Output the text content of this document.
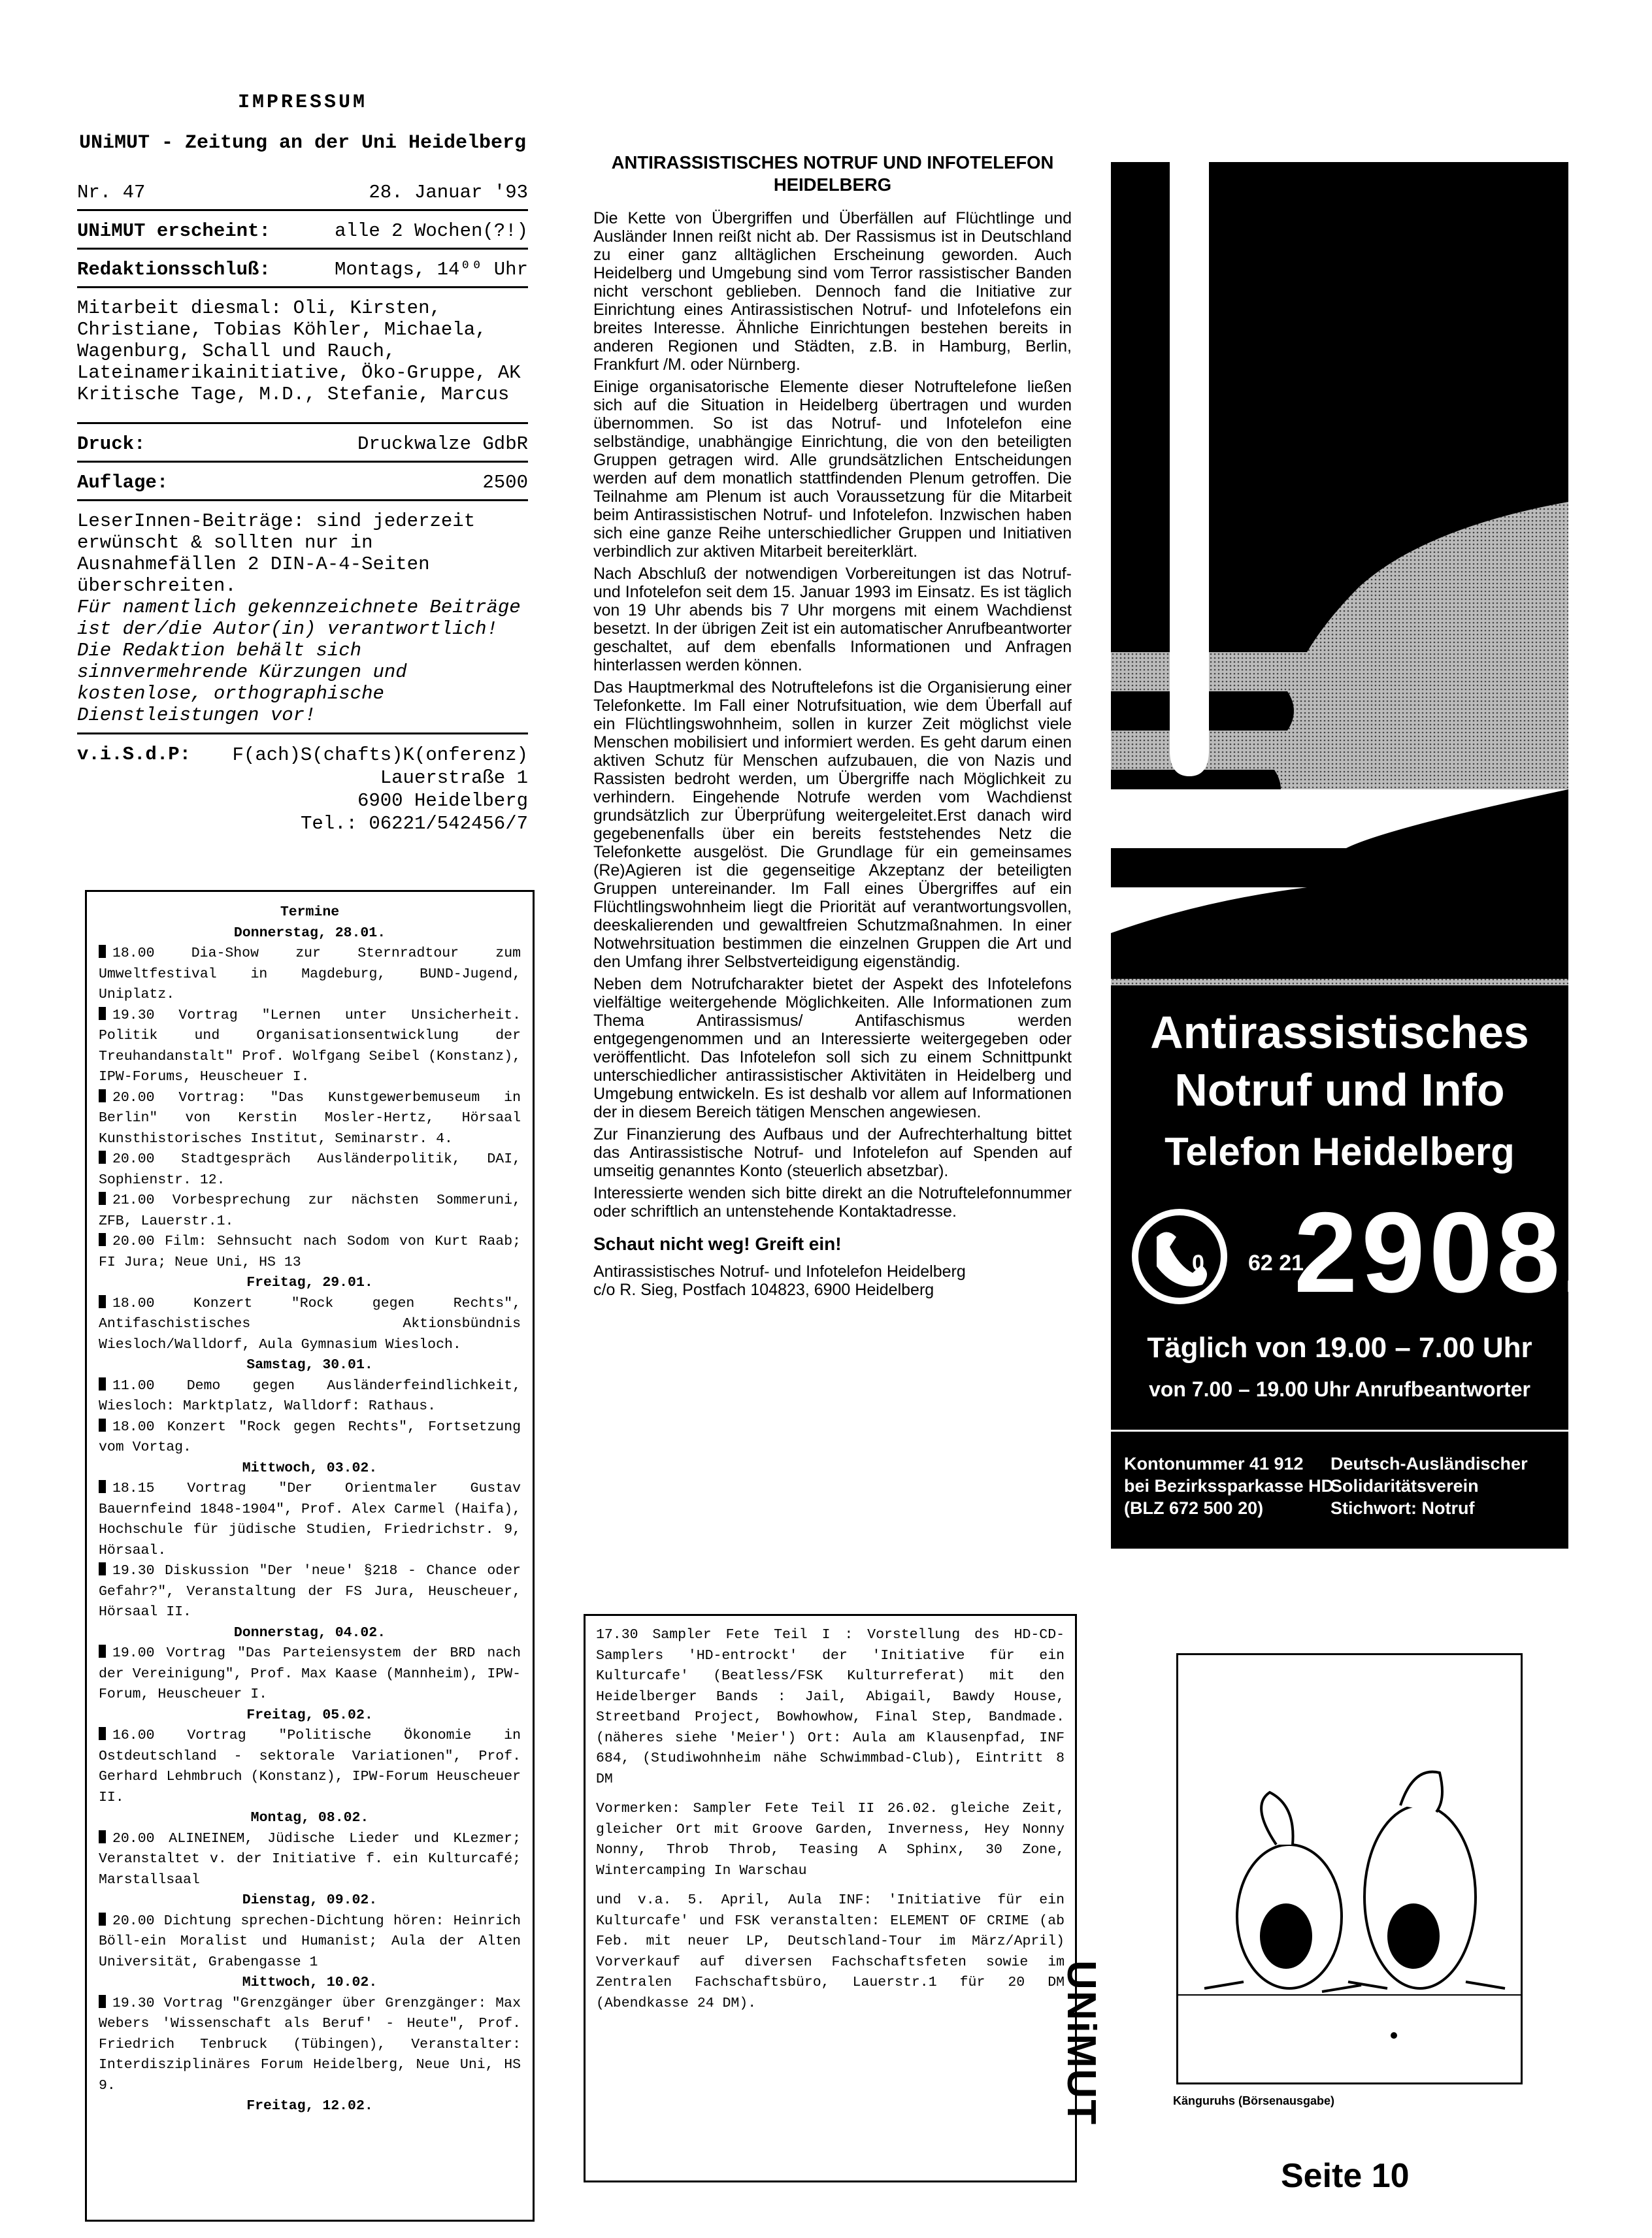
IMPRESSUM
UNiMUT - Zeitung an der Uni Heidelberg
Nr. 47	28. Januar '93
UNiMUT erscheint:	alle 2 Wochen(?!)
Redaktionsschluß:	Montags, 14⁰⁰ Uhr
Mitarbeit diesmal: Oli, Kirsten, Christiane, Tobias Köhler, Michaela, Wagenburg, Schall und Rauch, Lateinamerikainitiative, Öko-Gruppe, AK Kritische Tage, M.D., Stefanie, Marcus
Druck:	Druckwalze GdbR
Auflage:	2500
LeserInnen-Beiträge: sind jederzeit erwünscht & sollten nur in Ausnahmefällen 2 DIN-A-4-Seiten überschreiten.
Für namentlich gekennzeichnete Beiträge ist der/die Autor(in) verantwortlich! Die Redaktion behält sich sinnvermehrende Kürzungen und kostenlose, orthographische Dienstleistungen vor!
v.i.S.d.P: F(ach)S(chafts)K(onferenz)
Lauerstraße 1
6900 Heidelberg
Tel.: 06221/542456/7
Termine
Donnerstag, 28.01.
18.00 Dia-Show zur Sternradtour zum Umweltfestival in Magdeburg, BUND-Jugend, Uniplatz.
19.30 Vortrag "Lernen unter Unsicherheit. Politik und Organisationsentwicklung der Treuhandanstalt" Prof. Wolfgang Seibel (Konstanz), IPW-Forums, Heuscheuer I.
20.00 Vortrag: "Das Kunstgewerbemuseum in Berlin" von Kerstin Mosler-Hertz, Hörsaal Kunsthistorisches Institut, Seminarstr. 4.
20.00 Stadtgespräch Ausländerpolitik, DAI, Sophienstr. 12.
21.00 Vorbesprechung zur nächsten Sommeruni, ZFB, Lauerstr.1.
20.00 Film: Sehnsucht nach Sodom von Kurt Raab; FI Jura; Neue Uni, HS 13
Freitag, 29.01.
18.00 Konzert "Rock gegen Rechts", Antifaschistisches Aktionsbündnis Wiesloch/Walldorf, Aula Gymnasium Wiesloch.
Samstag, 30.01.
11.00 Demo gegen Ausländerfeindlichkeit, Wiesloch: Marktplatz, Walldorf: Rathaus.
18.00 Konzert "Rock gegen Rechts", Fortsetzung vom Vortag.
Mittwoch, 03.02.
18.15 Vortrag "Der Orientmaler Gustav Bauernfeind 1848-1904", Prof. Alex Carmel (Haifa), Hochschule für jüdische Studien, Friedrichstr. 9, Hörsaal.
19.30 Diskussion "Der 'neue' §218 - Chance oder Gefahr?", Veranstaltung der FS Jura, Heuscheuer, Hörsaal II.
Donnerstag, 04.02.
19.00 Vortrag "Das Parteiensystem der BRD nach der Vereinigung", Prof. Max Kaase (Mannheim), IPW-Forum, Heuscheuer I.
Freitag, 05.02.
16.00 Vortrag "Politische Ökonomie in Ostdeutschland - sektorale Variationen", Prof. Gerhard Lehmbruch (Konstanz), IPW-Forum Heuscheuer II.
Montag, 08.02.
20.00 ALINEINEM, Jüdische Lieder und KLezmer; Veranstaltet v. der Initiative f. ein Kulturcafé; Marstallsaal
Dienstag, 09.02.
20.00 Dichtung sprechen-Dichtung hören: Heinrich Böll-ein Moralist und Humanist; Aula der Alten Universität, Grabengasse 1
Mittwoch, 10.02.
19.30 Vortrag "Grenzgänger über Grenzgänger: Max Webers 'Wissenschaft als Beruf' - Heute", Prof. Friedrich Tenbruck (Tübingen), Veranstalter: Interdisziplinäres Forum Heidelberg, Neue Uni, HS 9.
Freitag, 12.02.
ANTIRASSISTISCHES NOTRUF UND INFOTELEFON HEIDELBERG

Die Kette von Übergriffen und Überfällen auf Flüchtlinge und Ausländer Innen reißt nicht ab. Der Rassismus ist in Deutschland zu einer ganz alltäglichen Erscheinung geworden. Auch Heidelberg und Umgebung sind vom Terror rassistischer Banden nicht verschont geblieben. Dennoch fand die Initiative zur Einrichtung eines Antirassistischen Notruf- und Infotelefons ein breites Interesse. Ähnliche Einrichtungen bestehen bereits in anderen Regionen und Städten, z.B. in Hamburg, Berlin, Frankfurt /M. oder Nürnberg.

Einige organisatorische Elemente dieser Notruftelefone ließen sich auf die Situation in Heidelberg übertragen und wurden übernommen. So ist das Notruf- und Infotelefon eine selbständige, unabhängige Einrichtung, die von den beteiligten Gruppen getragen wird. Alle grundsätzlichen Entscheidungen werden auf dem monatlich stattfindenden Plenum getroffen. Die Teilnahme am Plenum ist auch Voraussetzung für die Mitarbeit beim Antirassistischen Notruf- und Infotelefon. Inzwischen haben sich eine ganze Reihe unterschiedlicher Gruppen und Initiativen verbindlich zur aktiven Mitarbeit bereiterklärt.

Nach Abschluß der notwendigen Vorbereitungen ist das Notruf- und Infotelefon seit dem 15. Januar 1993 im Einsatz. Es ist täglich von 19 Uhr abends bis 7 Uhr morgens mit einem Wachdienst besetzt. In der übrigen Zeit ist ein automatischer Anrufbeantworter geschaltet, auf dem ebenfalls Informationen und Anfragen hinterlassen werden können.

Das Hauptmerkmal des Notruftelefons ist die Organisierung einer Telefonkette. Im Fall einer Notrufsituation, wie dem Überfall auf ein Flüchtlingswohnheim, sollen in kurzer Zeit möglichst viele Menschen mobilisiert und informiert werden. Es geht darum einen aktiven Schutz für Menschen aufzubauen, die von Nazis und Rassisten bedroht werden, um Übergriffe nach Möglichkeit zu verhindern. Eingehende Notrufe werden vom Wachdienst grundsätzlich zur Überprüfung weitergeleitet.Erst danach wird gegebenenfalls über ein bereits feststehendes Netz die Telefonkette ausgelöst. Die Grundlage für ein gemeinsames (Re)Agieren ist die gegenseitige Akzeptanz der beteiligten Gruppen untereinander. Im Fall eines Übergriffes auf ein Flüchtlingswohnheim liegt die Priorität auf verantwortungsvollen, deeskalierenden und gewaltfreien Schutzmaßnahmen. In einer Notwehrsituation bestimmen die einzelnen Gruppen die Art und den Umfang ihrer Selbstverteidigung eigenständig.

Neben dem Notrufcharakter bietet der Aspekt des Infotelefons vielfältige weitergehende Möglichkeiten. Alle Informationen zum Thema Antirassismus/ Antifaschismus werden entgegengenommen und an Interessierte weitergegeben oder veröffentlicht. Das Infotelefon soll sich zu einem Schnittpunkt unterschiedlicher antirassistischer Aktivitäten in Heidelberg und Umgebung entwickeln. Es ist deshalb vor allem auf Informationen der in diesem Bereich tätigen Menschen angewiesen.

Zur Finanzierung des Aufbaus und der Aufrechterhaltung bittet das Antirassistische Notruf- und Infotelefon auf Spenden auf umseitig genanntes Konto (steuerlich absetzbar).

Interessierte wenden sich bitte direkt an die Notruftelefonnummer oder schriftlich an untenstehende Kontaktadresse.

Schaut nicht weg! Greift ein!
Antirassistisches Notruf- und Infotelefon Heidelberg
c/o R. Sieg, Postfach 104823, 6900 Heidelberg
SOLIDARITY
Antirassistisches
Notruf und Info
Telefon Heidelberg
0 62 21
29082
Täglich von 19.00 – 7.00 Uhr
von 7.00 – 19.00 Uhr Anrufbeantworter
Kontonummer 41 912
bei Bezirkssparkasse HD
(BLZ 672 500 20)
Deutsch-Ausländischer
Solidaritätsverein
Stichwort: Notruf

17.30 Sampler Fete Teil I : Vorstellung des HD-CD-Samplers 'HD-entrockt' der 'Initiative für ein Kulturcafe' (Beatless/FSK Kulturreferat) mit den Heidelberger Bands : Jail, Abigail, Bawdy House, Streetband Project, Bowhowhow, Final Step, Bandmade. (näheres siehe 'Meier') Ort: Aula am Klausenpfad, INF 684, (Studiwohnheim nähe Schwimmbad-Club), Eintritt 8 DM

Vormerken: Sampler Fete Teil II 26.02. gleiche Zeit, gleicher Ort mit Groove Garden, Inverness, Hey Nonny Nonny, Throb Throb, Teasing A Sphinx, 30 Zone, Wintercamping In Warschau

und v.a. 5. April, Aula INF: 'Initiative für ein Kulturcafe' und FSK veranstalten: ELEMENT OF CRIME (ab Feb. mit neuer LP, Deutschland-Tour im März/April) Vorverkauf auf diversen Fachschaftsfeten sowie im Zentralen Fachschaftsbüro, Lauerstr.1 für 20 DM (Abendkasse 24 DM).

Känguruhs (Börsenausgabe)
UNiMUT
Seite 10
